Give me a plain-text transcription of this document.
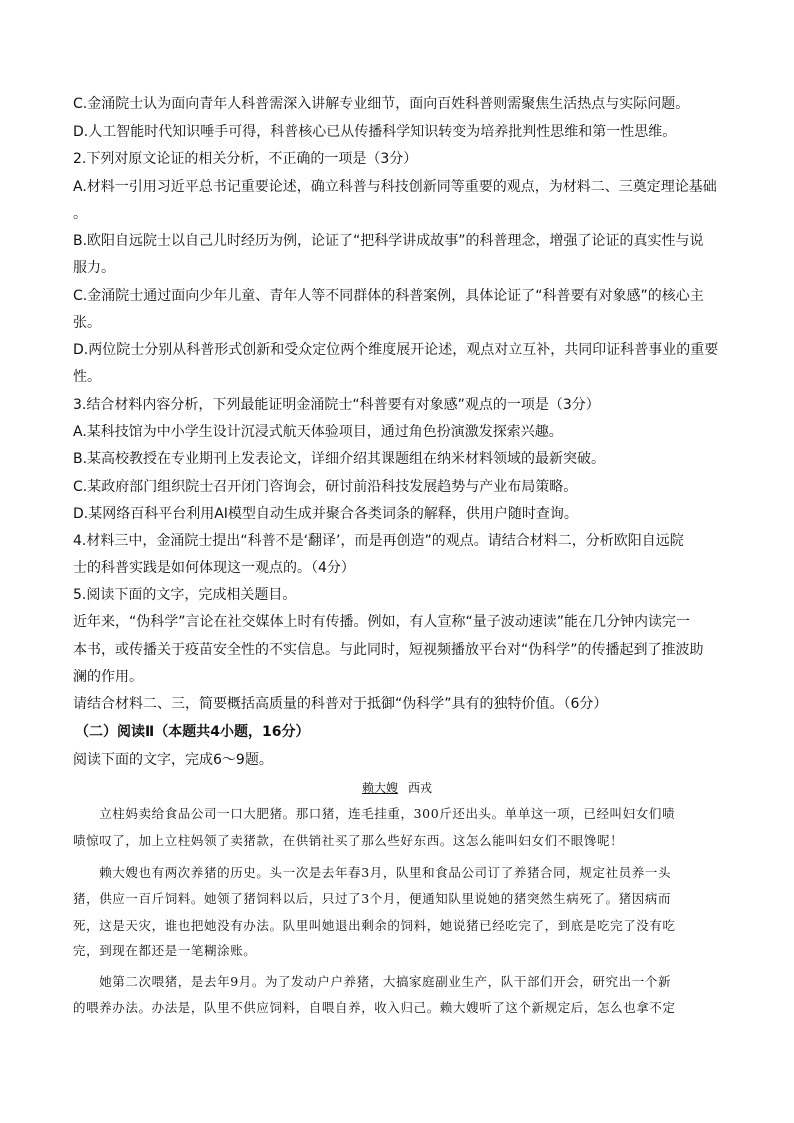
C.金涌院士认为面向青年人科普需深入讲解专业细节，面向百姓科普则需聚焦生活热点与实际问题。
D.人工智能时代知识唾手可得，科普核心已从传播科学知识转变为培养批判性思维和第一性思维。
2.下列对原文论证的相关分析，不正确的一项是（3分）
A.材料一引用习近平总书记重要论述，确立科普与科技创新同等重要的观点，为材料二、三奠定理论基础
。
B.欧阳自远院士以自己儿时经历为例，论证了“把科学讲成故事”的科普理念，增强了论证的真实性与说
服力。
C.金涌院士通过面向少年儿童、青年人等不同群体的科普案例，具体论证了“科普要有对象感”的核心主
张。
D.两位院士分别从科普形式创新和受众定位两个维度展开论述，观点对立互补，共同印证科普事业的重要
性。
3.结合材料内容分析，下列最能证明金涌院士“科普要有对象感”观点的一项是（3分）
A.某科技馆为中小学生设计沉浸式航天体验项目，通过角色扮演激发探索兴趣。
B.某高校教授在专业期刊上发表论文，详细介绍其课题组在纳米材料领域的最新突破。
C.某政府部门组织院士召开闭门咨询会，研讨前沿科技发展趋势与产业布局策略。
D.某网络百科平台利用AI模型自动生成并聚合各类词条的解释，供用户随时查询。
4.材料三中，金涌院士提出“科普不是‘翻译’，而是再创造”的观点。请结合材料二，分析欧阳自远院
士的科普实践是如何体现这一观点的。（4分）
5.阅读下面的文字，完成相关题目。
近年来，“伪科学”言论在社交媒体上时有传播。例如，有人宣称“量子波动速读”能在几分钟内读完一
本书，或传播关于疫苗安全性的不实信息。与此同时，短视频播放平台对“伪科学”的传播起到了推波助
澜的作用。
请结合材料二、三，简要概括高质量的科普对于抵御“伪科学”具有的独特价值。（6分）
（二）阅读Ⅱ（本题共4小题，16分）
阅读下面的文字，完成6～9题。
赖大嫂 西戎
　　立柱妈卖给食品公司一口大肥猪。那口猪，连毛挂重，300斤还出头。单单这一项，已经叫妇女们啧
啧惊叹了，加上立柱妈领了卖猪款，在供销社买了那么些好东西。这怎么能叫妇女们不眼馋呢！
　　赖大嫂也有两次养猪的历史。头一次是去年春3月，队里和食品公司订了养猪合同，规定社员养一头
猪，供应一百斤饲料。她领了猪饲料以后，只过了3个月，便通知队里说她的猪突然生病死了。猪因病而
死，这是天灾，谁也把她没有办法。队里叫她退出剩余的饲料，她说猪已经吃完了，到底是吃完了没有吃
完，到现在都还是一笔糊涂账。
　　她第二次喂猪，是去年9月。为了发动户户养猪，大搞家庭副业生产，队干部们开会，研究出一个新
的喂养办法。办法是，队里不供应饲料，自喂自养，收入归己。赖大嫂听了这个新规定后，怎么也拿不定
